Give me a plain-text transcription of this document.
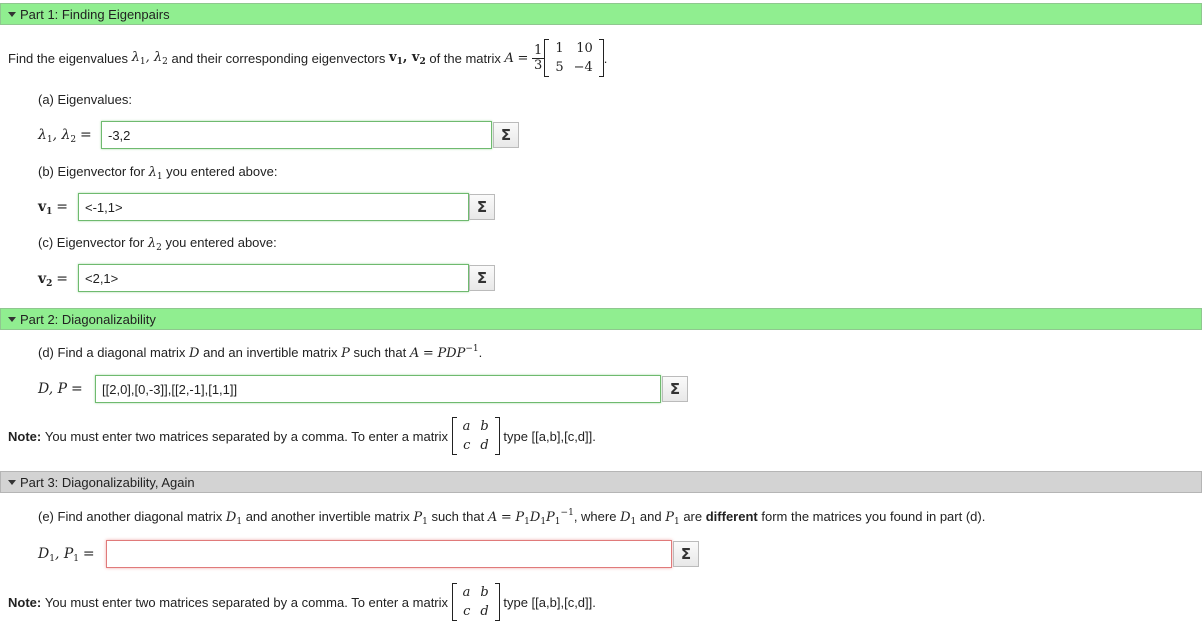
Part 1: Finding Eigenpairs
Find the eigenvalues
$\lambda_1$, $\lambda_2$
and their corresponding eigenvectors
$v_1$, $v_2$
of the matrix
A
=
$\frac{1}{3} 1$	10
5	−4
.
(a) Eigenvalues:
$\lambda_1$, $\lambda_2$ =
-3,2	Σ
(b) Eigenvector for $\lambda_1$ you entered above:
$v_1$ =
<-1,1>	Σ
(c) Eigenvector for $\lambda_2$ you entered above:
$v_2$ =
<2,1>	Σ
Part 2: Diagonalizability
(d) Find a diagonal matrix D and an invertible matrix P such that $A = PDP^{-1}$.
D, P =
[[2,0],[0,-3]],[[2,-1],[1,1]]	Σ
Note:
You must enter two matrices separated by a comma. To enter a matrix

a	b
c	d

type [[a,b],[c,d]].
Part 3: Diagonalizability, Again
(e) Find another diagonal matrix $D_1$ and another invertible matrix $P_1$ such that $A = P_1D_1P_1^{-1}$, where $D_1$ and $P_1$ are different form the matrices you found in part (d).
$D_1$, $P_1$ =	Σ
Note:
You must enter two matrices separated by a comma. To enter a matrix

a	b
c	d

type [[a,b],[c,d]].
